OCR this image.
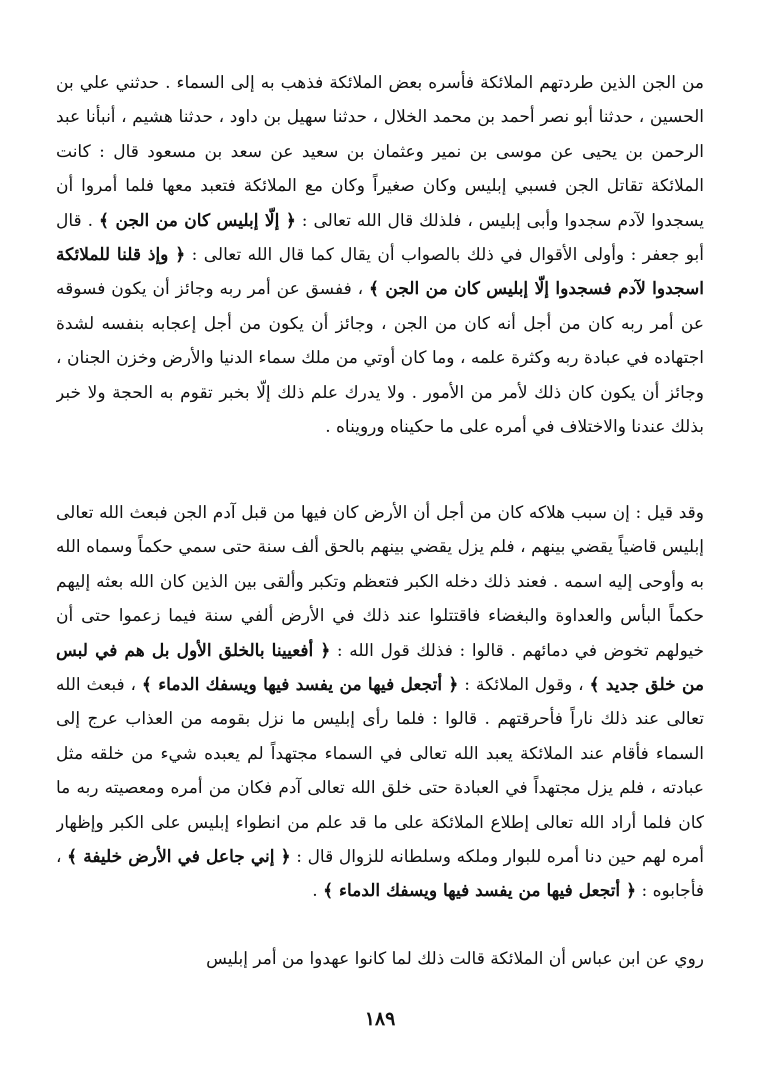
من الجن الذين طردتهم الملائكة فأسره بعض الملائكة فذهب به إلى السماء . حدثني علي بن الحسين ، حدثنا أبو نصر أحمد بن محمد الخلال ، حدثنا سهيل بن داود ، حدثنا هشيم ، أنبأنا عبد الرحمن بن يحيى عن موسى بن نمير وعثمان بن سعيد عن سعد بن مسعود قال : كانت الملائكة تقاتل الجن فسبي إبليس وكان صغيراً وكان مع الملائكة فتعبد معها فلما أمروا أن يسجدوا لآدم سجدوا وأبى إبليس ، فلذلك قال الله تعالى : ﴿ إلّا إبليس كان من الجن ﴾ . قال أبو جعفر : وأولى الأقوال في ذلك بالصواب أن يقال كما قال الله تعالى : ﴿ وإذ قلنا للملائكة اسجدوا لآدم فسجدوا إلّا إبليس كان من الجن ﴾ ، ففسق عن أمر ربه وجائز أن يكون فسوقه عن أمر ربه كان من أجل أنه كان من الجن ، وجائز أن يكون من أجل إعجابه بنفسه لشدة اجتهاده في عبادة ربه وكثرة علمه ، وما كان أوتي من ملك سماء الدنيا والأرض وخزن الجنان ، وجائز أن يكون كان ذلك لأمر من الأمور . ولا يدرك علم ذلك إلّا بخبر تقوم به الحجة ولا خبر بذلك عندنا والاختلاف في أمره على ما حكيناه ورويناه .

وقد قيل : إن سبب هلاكه كان من أجل أن الأرض كان فيها من قبل آدم الجن فبعث الله تعالى إبليس قاضياً يقضي بينهم ، فلم يزل يقضي بينهم بالحق ألف سنة حتى سمي حكماً وسماه الله به وأوحى إليه اسمه . فعند ذلك دخله الكبر فتعظم وتكبر وألقى بين الذين كان الله بعثه إليهم حكماً البأس والعداوة والبغضاء فاقتتلوا عند ذلك في الأرض ألفي سنة فيما زعموا حتى أن خيولهم تخوض في دمائهم . قالوا : فذلك قول الله : ﴿ أفعيينا بالخلق الأول بل هم في لبس من خلق جديد ﴾ ، وقول الملائكة : ﴿ أتجعل فيها من يفسد فيها ويسفك الدماء ﴾ ، فبعث الله تعالى عند ذلك ناراً فأحرقتهم . قالوا : فلما رأى إبليس ما نزل بقومه من العذاب عرج إلى السماء فأقام عند الملائكة يعبد الله تعالى في السماء مجتهداً لم يعبده شيء من خلقه مثل عبادته ، فلم يزل مجتهداً في العبادة حتى خلق الله تعالى آدم فكان من أمره ومعصيته ربه ما كان فلما أراد الله تعالى إطلاع الملائكة على ما قد علم من انطواء إبليس على الكبر وإظهار أمره لهم حين دنا أمره للبوار وملكه وسلطانه للزوال قال : ﴿ إني جاعل في الأرض خليفة ﴾ ، فأجابوه : ﴿ أتجعل فيها من يفسد فيها ويسفك الدماء ﴾ .

روي عن ابن عباس أن الملائكة قالت ذلك لما كانوا عهدوا من أمر إبليس

١٨٩
